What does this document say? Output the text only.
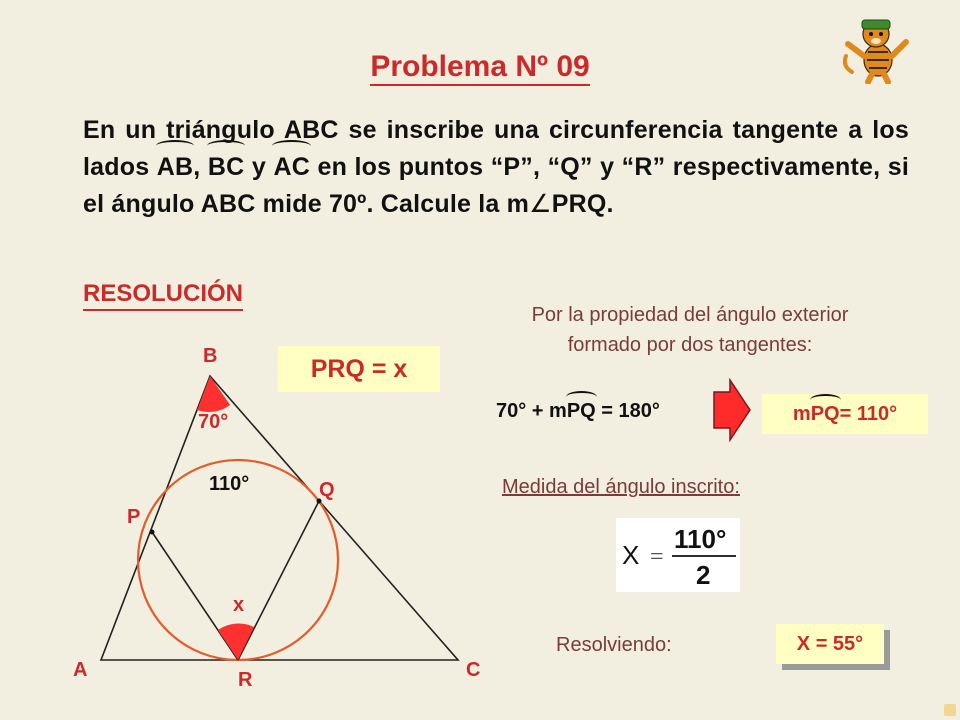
Problema Nº 09
En un triángulo ABC se inscribe una circunferencia tangente a los lados AB, BC y AC en los puntos “P”, “Q” y “R” respectivamente, si el ángulo ABC mide 70º. Calcule la m∠PRQ.
RESOLUCIÓN
B
A	C
P
Q
R
x
70°
110°
PRQ = x
Por la propiedad del ángulo exterior
formado por dos tangentes:
70° + mPQ = 180°	m PQ = 110°
Medida del ángulo inscrito:
X =
110°
2
Resolviendo:	X = 55°
